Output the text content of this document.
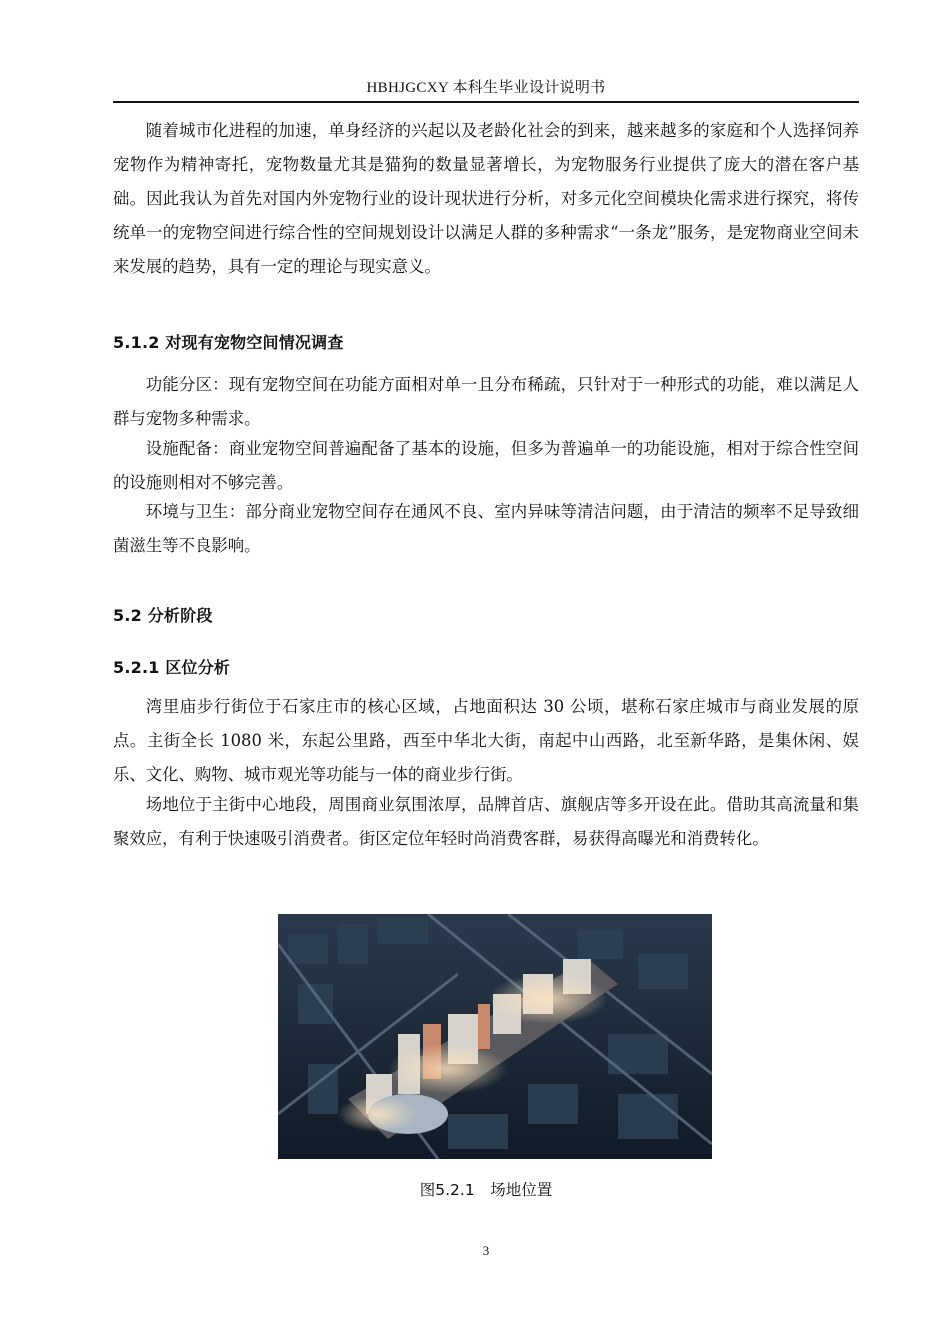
HBHJGCXY 本科生毕业设计说明书

随着城市化进程的加速，单身经济的兴起以及老龄化社会的到来，越来越多的家庭和个人选择饲养宠物作为精神寄托，宠物数量尤其是猫狗的数量显著增长，为宠物服务行业提供了庞大的潜在客户基础。因此我认为首先对国内外宠物行业的设计现状进行分析，对多元化空间模块化需求进行探究，将传统单一的宠物空间进行综合性的空间规划设计以满足人群的多种需求“一条龙”服务，是宠物商业空间未来发展的趋势，具有一定的理论与现实意义。

5.1.2 对现有宠物空间情况调查

功能分区：现有宠物空间在功能方面相对单一且分布稀疏，只针对于一种形式的功能，难以满足人群与宠物多种需求。

设施配备：商业宠物空间普遍配备了基本的设施，但多为普遍单一的功能设施，相对于综合性空间的设施则相对不够完善。

环境与卫生：部分商业宠物空间存在通风不良、室内异味等清洁问题，由于清洁的频率不足导致细菌滋生等不良影响。

5.2 分析阶段
5.2.1 区位分析

湾里庙步行街位于石家庄市的核心区域，占地面积达 30 公顷，堪称石家庄城市与商业发展的原点。主街全长 1080 米，东起公里路，西至中华北大街，南起中山西路，北至新华路，是集休闲、娱乐、文化、购物、城市观光等功能与一体的商业步行街。

场地位于主街中心地段，周围商业氛围浓厚，品牌首店、旗舰店等多开设在此。借助其高流量和集聚效应，有利于快速吸引消费者。街区定位年轻时尚消费客群，易获得高曝光和消费转化。

图5.2.1　场地位置
3
